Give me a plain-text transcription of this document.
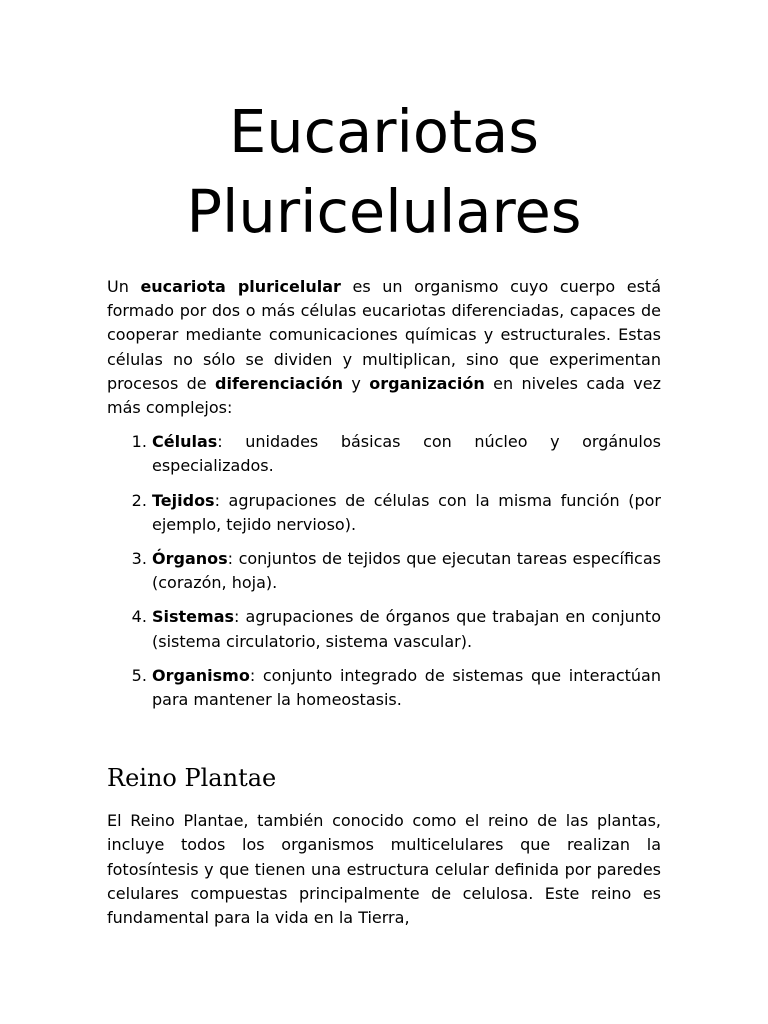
Eucariotas
Pluricelulares

Un eucariota pluricelular es un organismo cuyo cuerpo está formado por dos o más células eucariotas diferenciadas, capaces de cooperar mediante comunicaciones químicas y estructurales. Estas células no sólo se dividen y multiplican, sino que experimentan procesos de diferenciación y organización en niveles cada vez más complejos:

1. Células: unidades básicas con núcleo y orgánulos especializados.
2. Tejidos: agrupaciones de células con la misma función (por ejemplo, tejido nervioso).
3. Órganos: conjuntos de tejidos que ejecutan tareas específicas (corazón, hoja).
4. Sistemas: agrupaciones de órganos que trabajan en conjunto (sistema circulatorio, sistema vascular).
5. Organismo: conjunto integrado de sistemas que interactúan para mantener la homeostasis.
Reino Plantae

El Reino Plantae, también conocido como el reino de las plantas, incluye todos los organismos multicelulares que realizan la fotosíntesis y que tienen una estructura celular definida por paredes celulares compuestas principalmente de celulosa. Este reino es fundamental para la vida en la Tierra,
